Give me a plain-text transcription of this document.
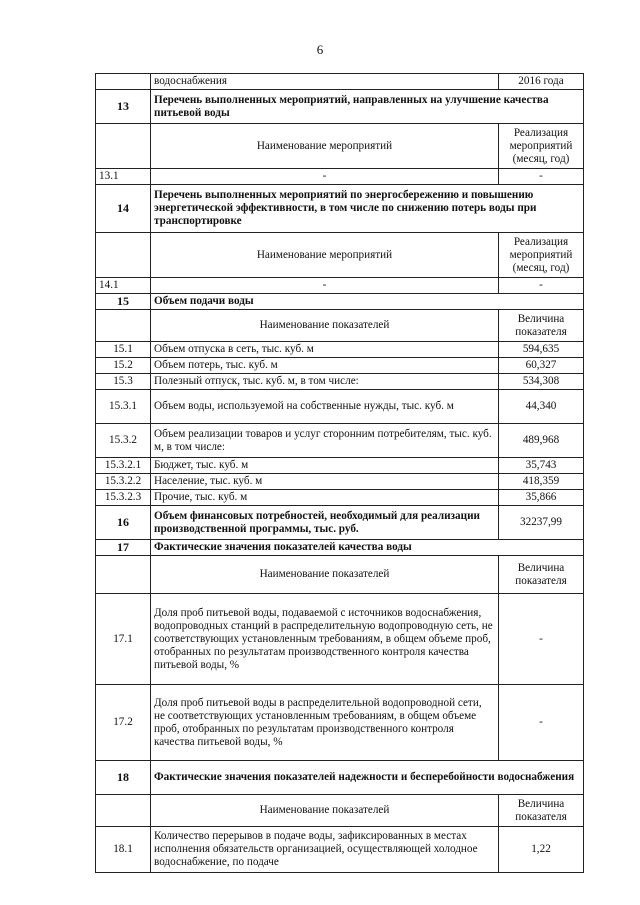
6
	водоснабжения	2016 года
13	Перечень выполненных мероприятий, направленных на улучшение качества питьевой воды	
	Наименование мероприятий	Реализация мероприятий (месяц, год)
13.1	-	-
14	Перечень выполненных мероприятий по энергосбережению и повышению энергетической эффективности, в том числе по снижению потерь воды при транспортировке	
	Наименование мероприятий	Реализация мероприятий (месяц, год)
14.1	-	-
15	Объем подачи воды	
	Наименование показателей	Величина показателя
15.1	Объем отпуска в сеть, тыс. куб. м	594,635
15.2	Объем потерь, тыс. куб. м	60,327
15.3	Полезный отпуск, тыс. куб. м, в том числе:	534,308
15.3.1	Объем воды, используемой на собственные нужды, тыс. куб. м	44,340
15.3.2	Объем реализации товаров и услуг сторонним потребителям, тыс. куб. м, в том числе:	489,968
15.3.2.1	Бюджет, тыс. куб. м	35,743
15.3.2.2	Население, тыс. куб. м	418,359
15.3.2.3	Прочие, тыс. куб. м	35,866
16	Объем финансовых потребностей, необходимый для реализации производственной программы, тыс. руб.	32237,99
17	Фактические значения показателей качества воды	
	Наименование показателей	Величина показателя
17.1	Доля проб питьевой воды, подаваемой с источников водоснабжения, водопроводных станций в распределительную водопроводную сеть, не соответствующих установленным требованиям, в общем объеме проб, отобранных по результатам производственного контроля качества питьевой воды, %	-
17.2	Доля проб питьевой воды в распределительной водопроводной сети, не соответствующих установленным требованиям, в общем объеме проб, отобранных по результатам производственного контроля качества питьевой воды, %	-
18	Фактические значения показателей надежности и бесперебойности водоснабжения	
	Наименование показателей	Величина показателя
18.1	Количество перерывов в подаче воды, зафиксированных в местах исполнения обязательств организацией, осуществляющей холодное водоснабжение, по подаче	1,22
